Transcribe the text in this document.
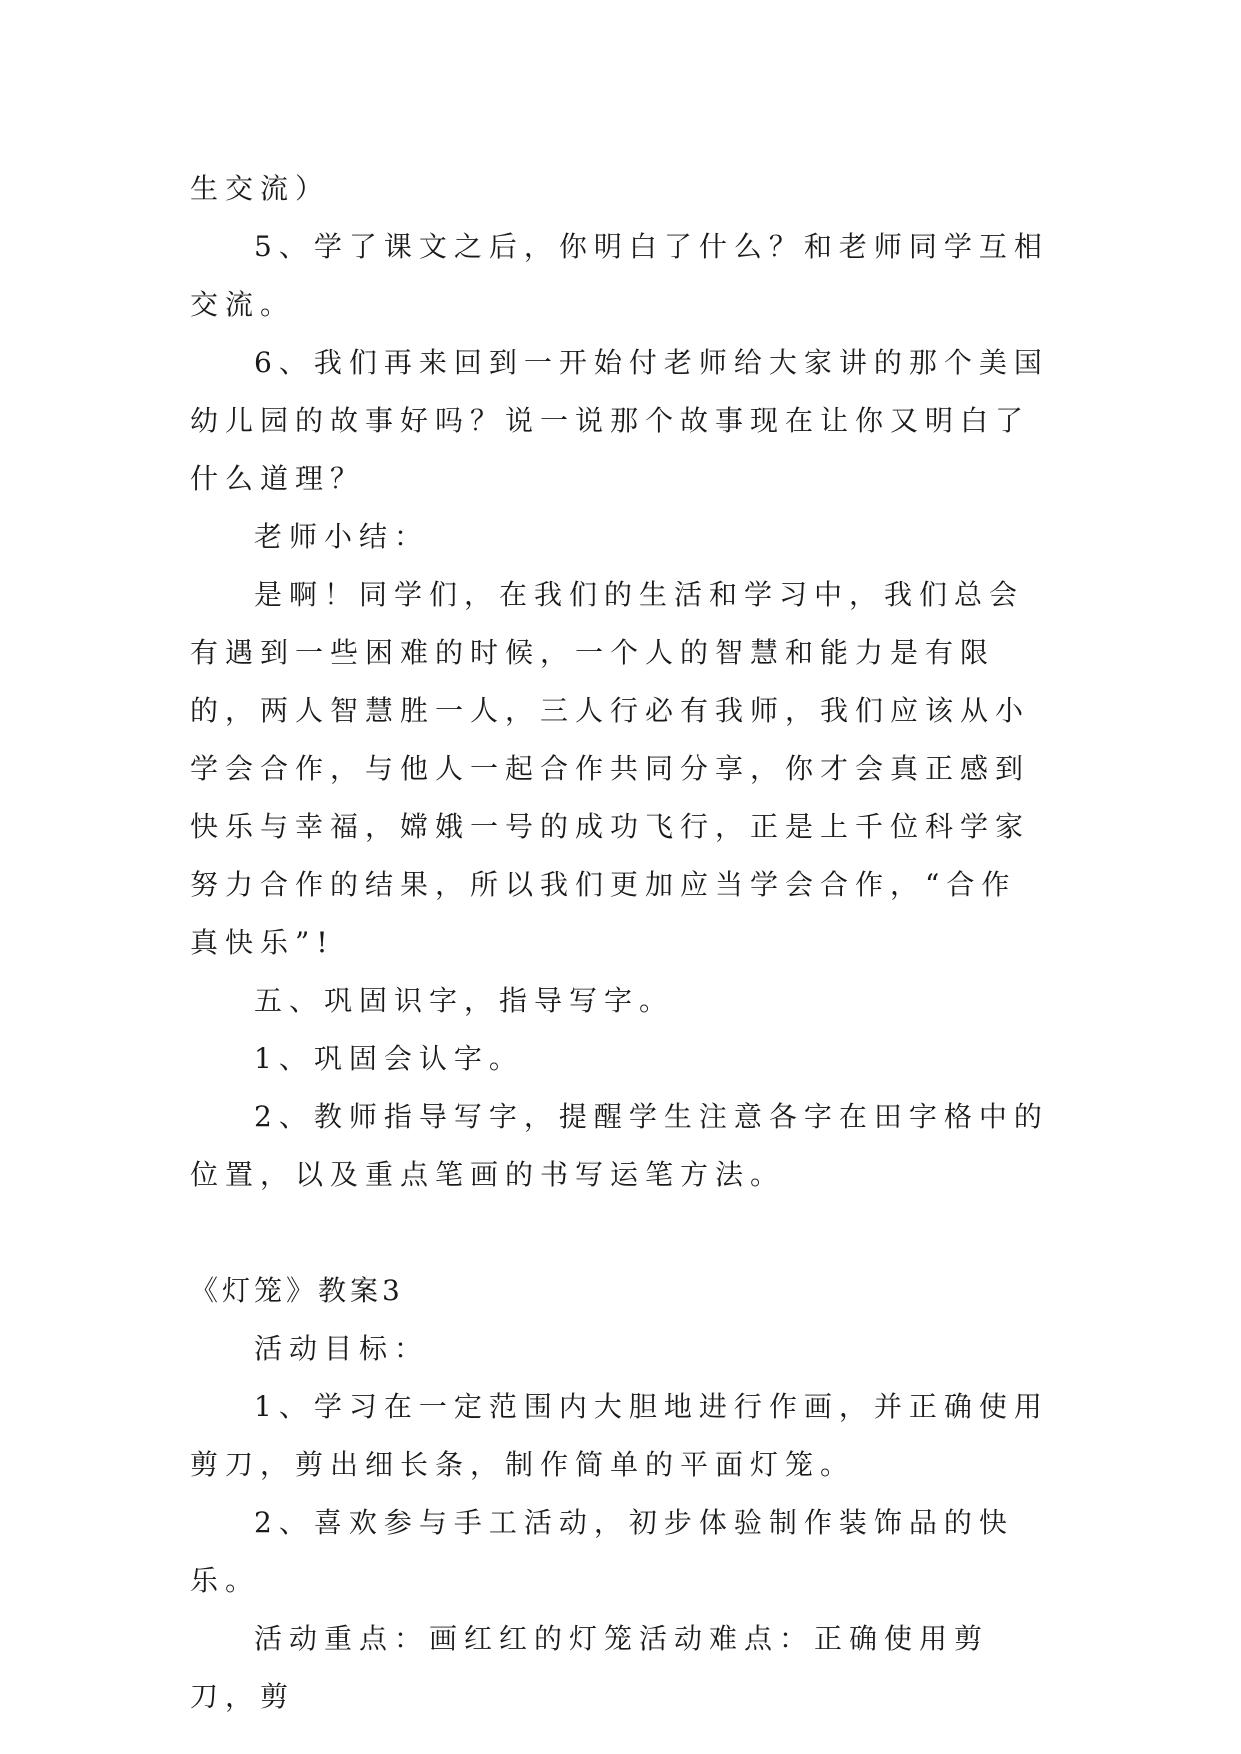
生交流）

5、学了课文之后，你明白了什么？和老师同学互相交流。

6、我们再来回到一开始付老师给大家讲的那个美国幼儿园的故事好吗？说一说那个故事现在让你又明白了什么道理？

老师小结：

是啊！同学们，在我们的生活和学习中，我们总会有遇到一些困难的时候，一个人的智慧和能力是有限的，两人智慧胜一人，三人行必有我师，我们应该从小学会合作，与他人一起合作共同分享，你才会真正感到快乐与幸福，嫦娥一号的成功飞行，正是上千位科学家努力合作的结果，所以我们更加应当学会合作，“合作真快乐”!

五、巩固识字，指导写字。

1、巩固会认字。

2、教师指导写字，提醒学生注意各字在田字格中的位置，以及重点笔画的书写运笔方法。

《灯笼》教案3

活动目标：

1、学习在一定范围内大胆地进行作画，并正确使用剪刀，剪出细长条，制作简单的平面灯笼。

2、喜欢参与手工活动，初步体验制作装饰品的快乐。

活动重点：画红红的灯笼活动难点：正确使用剪刀，剪
